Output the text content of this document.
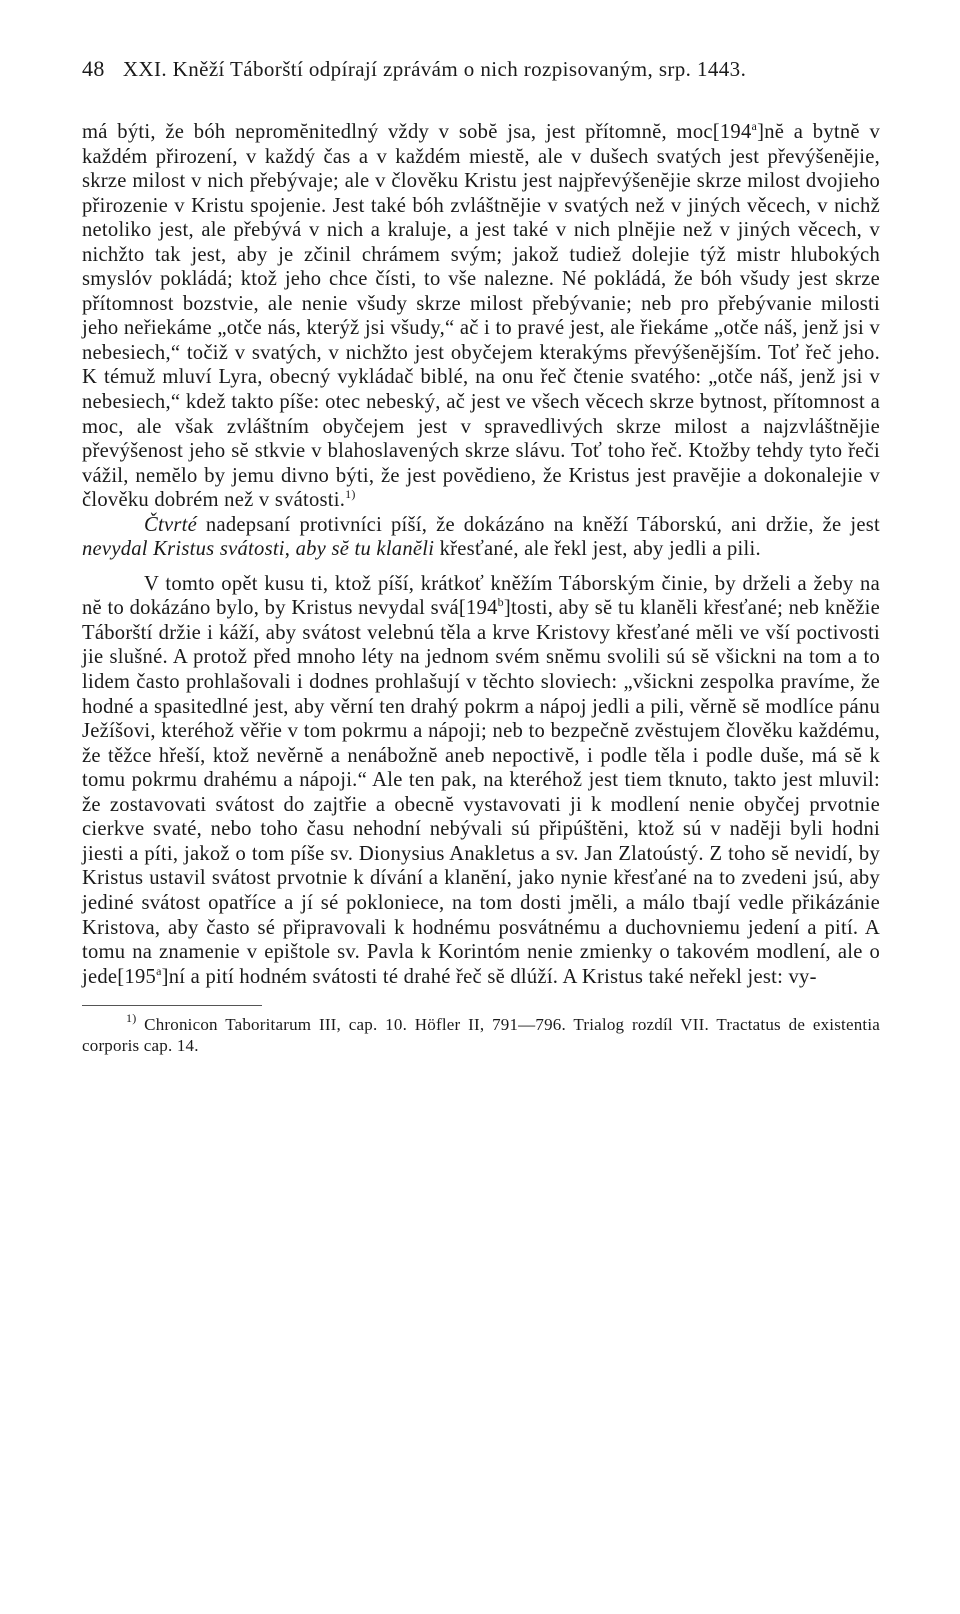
48 XXI. Kněží Táborští odpírají zprávám o nich rozpisovaným, srp. 1443.

má býti, že bóh nepromĕnitedlný vždy v sobĕ jsa, jest přítomnĕ, moc[194$^a$]nĕ a bytnĕ v každém přirození, v každý čas a v každém miestĕ, ale v dušech svatých jest převýšenĕjie, skrze milost v nich přebývaje; ale v člověku Kristu jest najpřevýšenĕjie skrze milost dvojieho přirozenie v Kristu spojenie. Jest také bóh zvláštnĕjie v svatých než v jiných věcech, v nichž netoliko jest, ale přebývá v nich a kraluje, a jest také v nich plnĕjie než v jiných věcech, v nichžto tak jest, aby je zčinil chrámem svým; jakož tudiež dolejie týž mistr hlubokých smyslóv pokládá; ktož jeho chce čísti, to vše nalezne. Né pokládá, že bóh všudy jest skrze přítomnost bozstvie, ale nenie všudy skrze milost přebývanie; neb pro přebývanie milosti jeho neřiekáme „otče nás, kterýž jsi všudy,“ ač i to pravé jest, ale řiekáme „otče náš, jenž jsi v nebesiech,“ točiž v svatých, v nichžto jest obyčejem kterakýms převýšenĕjším. Toť řeč jeho. K témuž mluví Lyra, obecný vykládač biblé, na onu řeč čtenie svatého: „otče náš, jenž jsi v nebesiech,“ kdež takto píše: otec nebeský, ač jest ve všech věcech skrze bytnost, přítomnost a moc, ale však zvláštním obyčejem jest v spravedlivých skrze milost a najzvláštnĕjie převýšenost jeho sĕ stkvie v blahoslavených skrze slávu. Toť toho řeč. Ktožby tehdy tyto řeči vážil, nemĕlo by jemu divno býti, že jest povĕdieno, že Kristus jest pravĕjie a dokonalejie v člověku dobrém než v svátosti.$^{1)}$

Čtvrté nadepsaní protivníci píší, že dokázáno na kněží Táborskú, ani držie, že jest nevydal Kristus svátosti, aby sĕ tu klanĕli křesťané, ale řekl jest, aby jedli a pili.

V tomto opět kusu ti, ktož píší, krátkoť kněžím Táborským činie, by drželi a žeby na nĕ to dokázáno bylo, by Kristus nevydal svá[194$^b$]tosti, aby sĕ tu klanĕli křesťané; neb kněžie Táborští držie i káží, aby svátost velebnú těla a krve Kristovy křesťané mĕli ve vší poctivosti jie slušné. A protož před mnoho léty na jednom svém snĕmu svolili sú sĕ všickni na tom a to lidem často prohlašovali i dodnes prohlašují v těchto sloviech: „všickni zespolka pravíme, že hodné a spasitedlné jest, aby věrní ten drahý pokrm a nápoj jedli a pili, věrnĕ sĕ modlíce pánu Ježíšovi, kteréhož věřie v tom pokrmu a nápoji; neb to bezpečnĕ zvĕstujem člověku každému, že těžce hřeší, ktož nevěrnĕ a nenábožnĕ aneb nepoctivĕ, i podle těla i podle duše, má sĕ k tomu pokrmu drahému a nápoji.“ Ale ten pak, na kteréhož jest tiem tknuto, takto jest mluvil: že zostavovati svátost do zajtřie a obecnĕ vystavovati ji k modlení nenie obyčej prvotnie cierkve svaté, nebo toho času nehodní nebývali sú připúštĕni, ktož sú v nadĕji byli hodni jiesti a píti, jakož o tom píše sv. Dionysius Anakletus a sv. Jan Zlatoústý. Z toho sĕ nevidí, by Kristus ustavil svátost prvotnie k dívání a klanĕní, jako nynie křesťané na to zvedeni jsú, aby jediné svátost opatříce a jí sé pokloniece, na tom dosti jmĕli, a málo tbají vedle přikázánie Kristova, aby často sé připravovali k hodnému posvátnému a duchovniemu jedení a pití. A tomu na znamenie v epištole sv. Pavla k Korintóm nenie zmienky o takovém modlení, ale o jede[195$^a$]ní a pití hodném svátosti té drahé řeč sĕ dlúží. A Kristus také neřekl jest: vy-

$^{1)}$ Chronicon Taboritarum III, cap. 10. Höfler II, 791—796. Trialog rozdíl VII. Tractatus de existentia corporis cap. 14.
